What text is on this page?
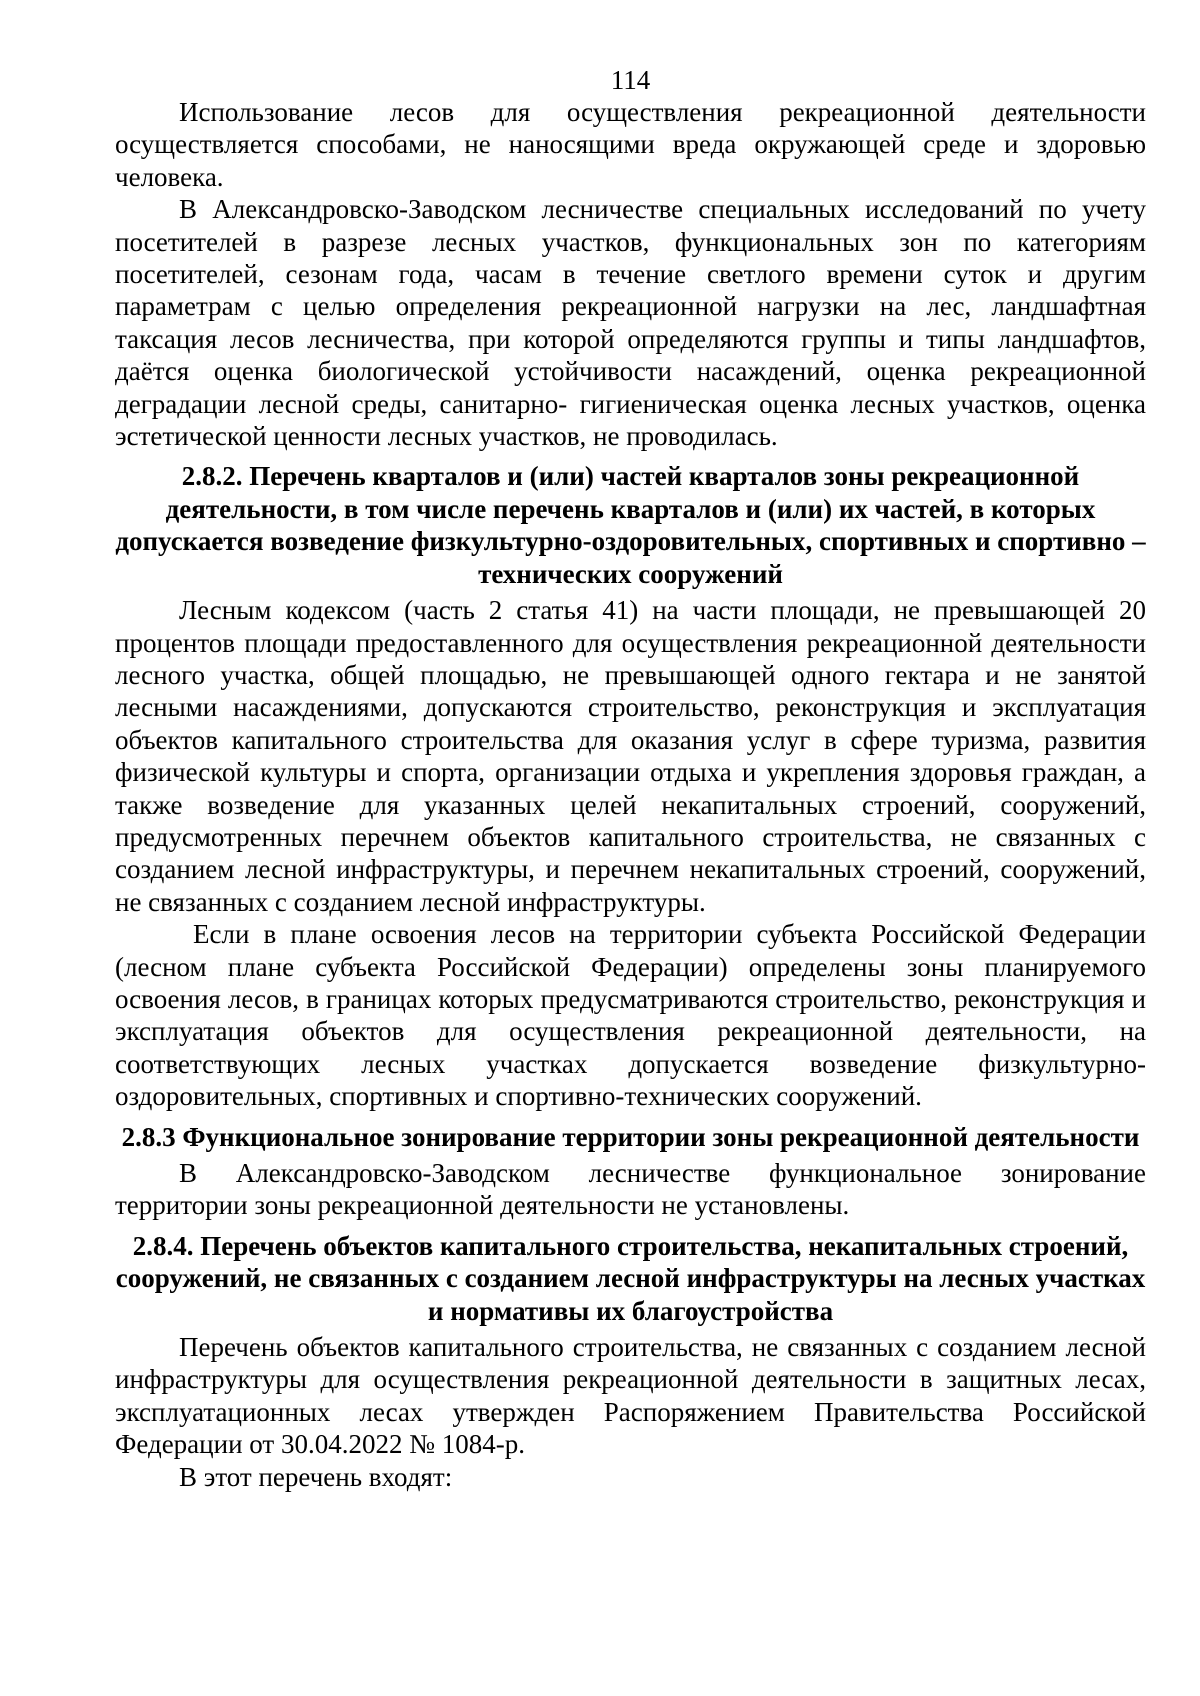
114

Использование лесов для осуществления рекреационной деятельности осуществляется способами, не наносящими вреда окружающей среде и здоровью человека.

В Александровско-Заводском лесничестве специальных исследований по учету посетителей в разрезе лесных участков, функциональных зон по категориям посетителей, сезонам года, часам в течение светлого времени суток и другим параметрам с целью определения рекреационной нагрузки на лес, ландшафтная таксация лесов лесничества, при которой определяются группы и типы ландшафтов, даётся оценка биологической устойчивости насаждений, оценка рекреационной деградации лесной среды, санитарно- гигиеническая оценка лесных участков, оценка эстетической ценности лесных участков, не проводилась.

2.8.2. Перечень кварталов и (или) частей кварталов зоны рекреационной деятельности, в том числе перечень кварталов и (или) их частей, в которых допускается возведение физкультурно-оздоровительных, спортивных и спортивно – технических сооружений

Лесным кодексом (часть 2 статья 41) на части площади, не превышающей 20 процентов площади предоставленного для осуществления рекреационной деятельности лесного участка, общей площадью, не превышающей одного гектара и не занятой лесными насаждениями, допускаются строительство, реконструкция и эксплуатация объектов капитального строительства для оказания услуг в сфере туризма, развития физической культуры и спорта, организации отдыха и укрепления здоровья граждан, а также возведение для указанных целей некапитальных строений, сооружений, предусмотренных перечнем объектов капитального строительства, не связанных с созданием лесной инфраструктуры, и перечнем некапитальных строений, сооружений, не связанных с созданием лесной инфраструктуры.

Если в плане освоения лесов на территории субъекта Российской Федерации (лесном плане субъекта Российской Федерации) определены зоны планируемого освоения лесов, в границах которых предусматриваются строительство, реконструкция и эксплуатация объектов для осуществления рекреационной деятельности, на соответствующих лесных участках допускается возведение физкультурно-оздоровительных, спортивных и спортивно-технических сооружений.

2.8.3 Функциональное зонирование территории зоны рекреационной деятельности

В Александровско-Заводском лесничестве функциональное зонирование территории зоны рекреационной деятельности не установлены.

2.8.4. Перечень объектов капитального строительства, некапитальных строений, сооружений, не связанных с созданием лесной инфраструктуры на лесных участках и нормативы их благоустройства

Перечень объектов капитального строительства, не связанных с созданием лесной инфраструктуры для осуществления рекреационной деятельности в защитных лесах, эксплуатационных лесах утвержден Распоряжением Правительства Российской Федерации от 30.04.2022 № 1084-р.

В этот перечень входят:
